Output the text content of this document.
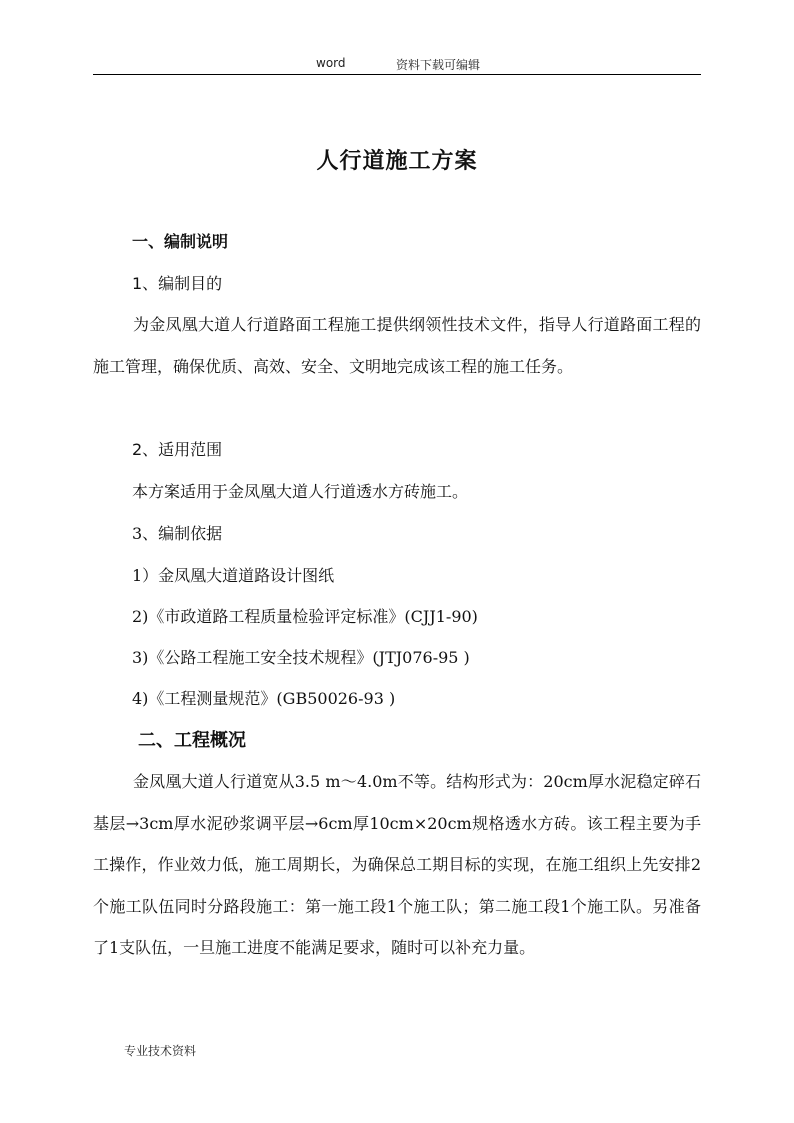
word	资料下载可编辑
人行道施工方案
一、编制说明
1、编制目的
为金凤凰大道人行道路面工程施工提供纲领性技术文件，指导人行道路面工程的施工管理，确保优质、高效、安全、文明地完成该工程的施工任务。
2、适用范围
本方案适用于金凤凰大道人行道透水方砖施工。
3、编制依据
1）金凤凰大道道路设计图纸
2)《市政道路工程质量检验评定标准》(CJJ1-90)
3)《公路工程施工安全技术规程》(JTJ076-95 )
4)《工程测量规范》(GB50026-93 )
二、工程概况
金凤凰大道人行道宽从3.5 m～4.0m不等。结构形式为：20cm厚水泥稳定碎石基层→3cm厚水泥砂浆调平层→6cm厚10cm×20cm规格透水方砖。该工程主要为手工操作，作业效力低，施工周期长，为确保总工期目标的实现，在施工组织上先安排2个施工队伍同时分路段施工：第一施工段1个施工队；第二施工段1个施工队。另准备了1支队伍，一旦施工进度不能满足要求，随时可以补充力量。
专业技术资料
